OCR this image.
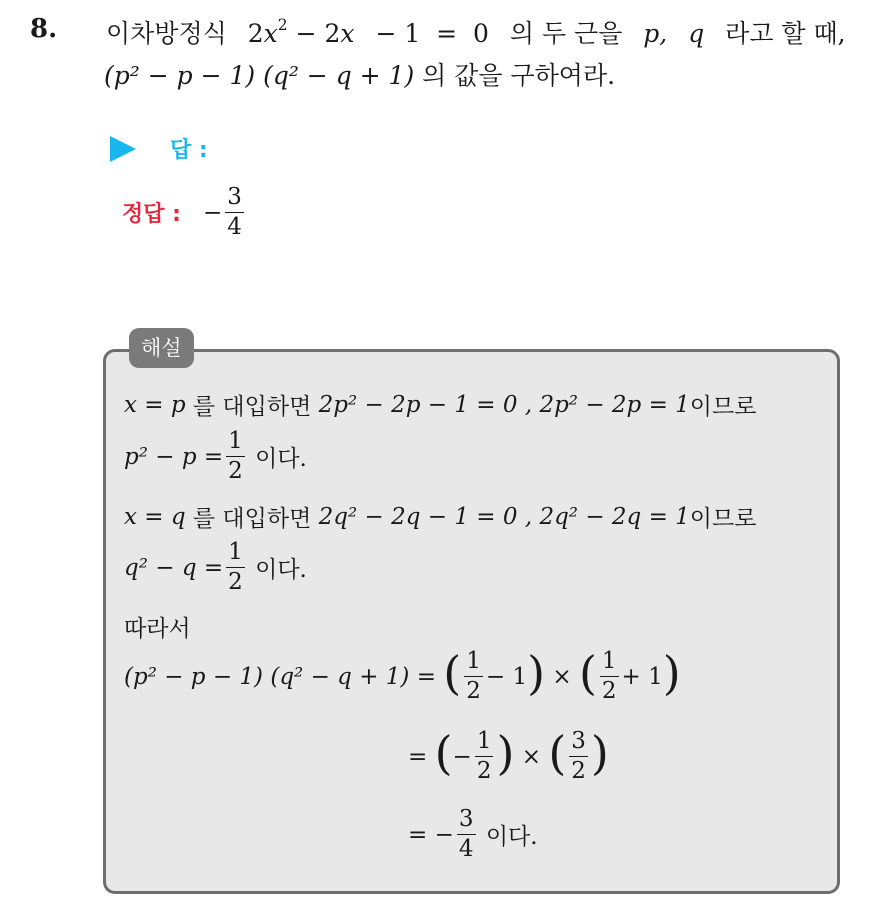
8. 이차방정식 $2x^2 - 2x - 1 = 0$ 의 두 근을 p, q 라고 할 때,
(p² − p − 1) (q² − q + 1) 의 값을 구하여라.
답 :
정답 : − $\frac{3}{4}$
해설
x = p
를 대입하면
2p² − 2p − 1 = 0 , 2p² − 2p = 1 이므로
$p^2 - p = \frac{1}{2}$
이다.
x = q
를 대입하면
2q² − 2q − 1 = 0 , 2q² − 2q = 1 이므로
$q^2 - q = \frac{1}{2}$
이다.
따라서
(p² − p − 1) (q² − q + 1) =
( $\frac{1}{2} - 1$ )
×
( $\frac{1}{2} + 1$ )
=
( − $\frac{1}{2}$ )
×
( $\frac{3}{2}$ )
=
− $\frac{3}{4}$
이다.
